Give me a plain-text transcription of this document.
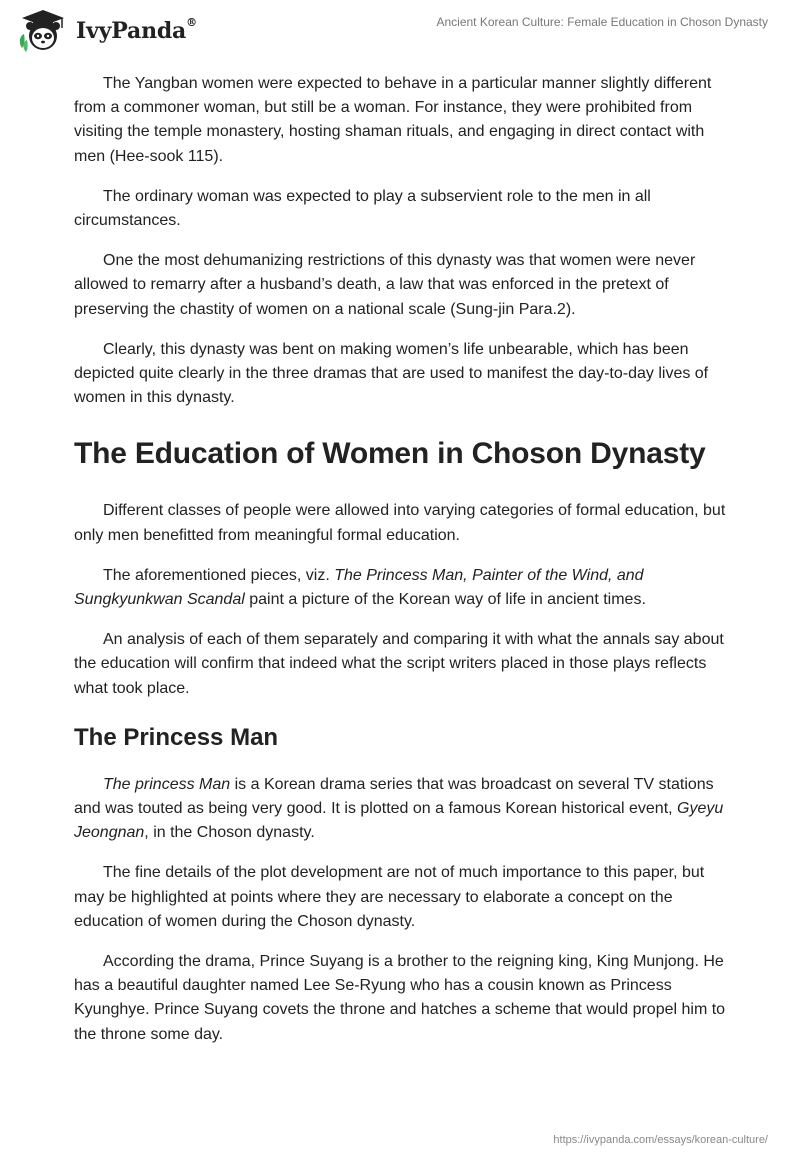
IvyPanda®	Ancient Korean Culture: Female Education in Choson Dynasty

The Yangban women were expected to behave in a particular manner slightly different from a commoner woman, but still be a woman. For instance, they were prohibited from visiting the temple monastery, hosting shaman rituals, and engaging in direct contact with men (Hee-sook 115).

The ordinary woman was expected to play a subservient role to the men in all circumstances.

One the most dehumanizing restrictions of this dynasty was that women were never allowed to remarry after a husband’s death, a law that was enforced in the pretext of preserving the chastity of women on a national scale (Sung-jin Para.2).

Clearly, this dynasty was bent on making women’s life unbearable, which has been depicted quite clearly in the three dramas that are used to manifest the day-to-day lives of women in this dynasty.

The Education of Women in Choson Dynasty

Different classes of people were allowed into varying categories of formal education, but only men benefitted from meaningful formal education.

The aforementioned pieces, viz. The Princess Man, Painter of the Wind, and Sungkyunkwan Scandal paint a picture of the Korean way of life in ancient times.

An analysis of each of them separately and comparing it with what the annals say about the education will confirm that indeed what the script writers placed in those plays reflects what took place.

The Princess Man

The princess Man is a Korean drama series that was broadcast on several TV stations and was touted as being very good. It is plotted on a famous Korean historical event, Gyeyu Jeongnan, in the Choson dynasty.

The fine details of the plot development are not of much importance to this paper, but may be highlighted at points where they are necessary to elaborate a concept on the education of women during the Choson dynasty.

According the drama, Prince Suyang is a brother to the reigning king, King Munjong. He has a beautiful daughter named Lee Se-Ryung who has a cousin known as Princess Kyunghye. Prince Suyang covets the throne and hatches a scheme that would propel him to the throne some day.

https://ivypanda.com/essays/korean-culture/
